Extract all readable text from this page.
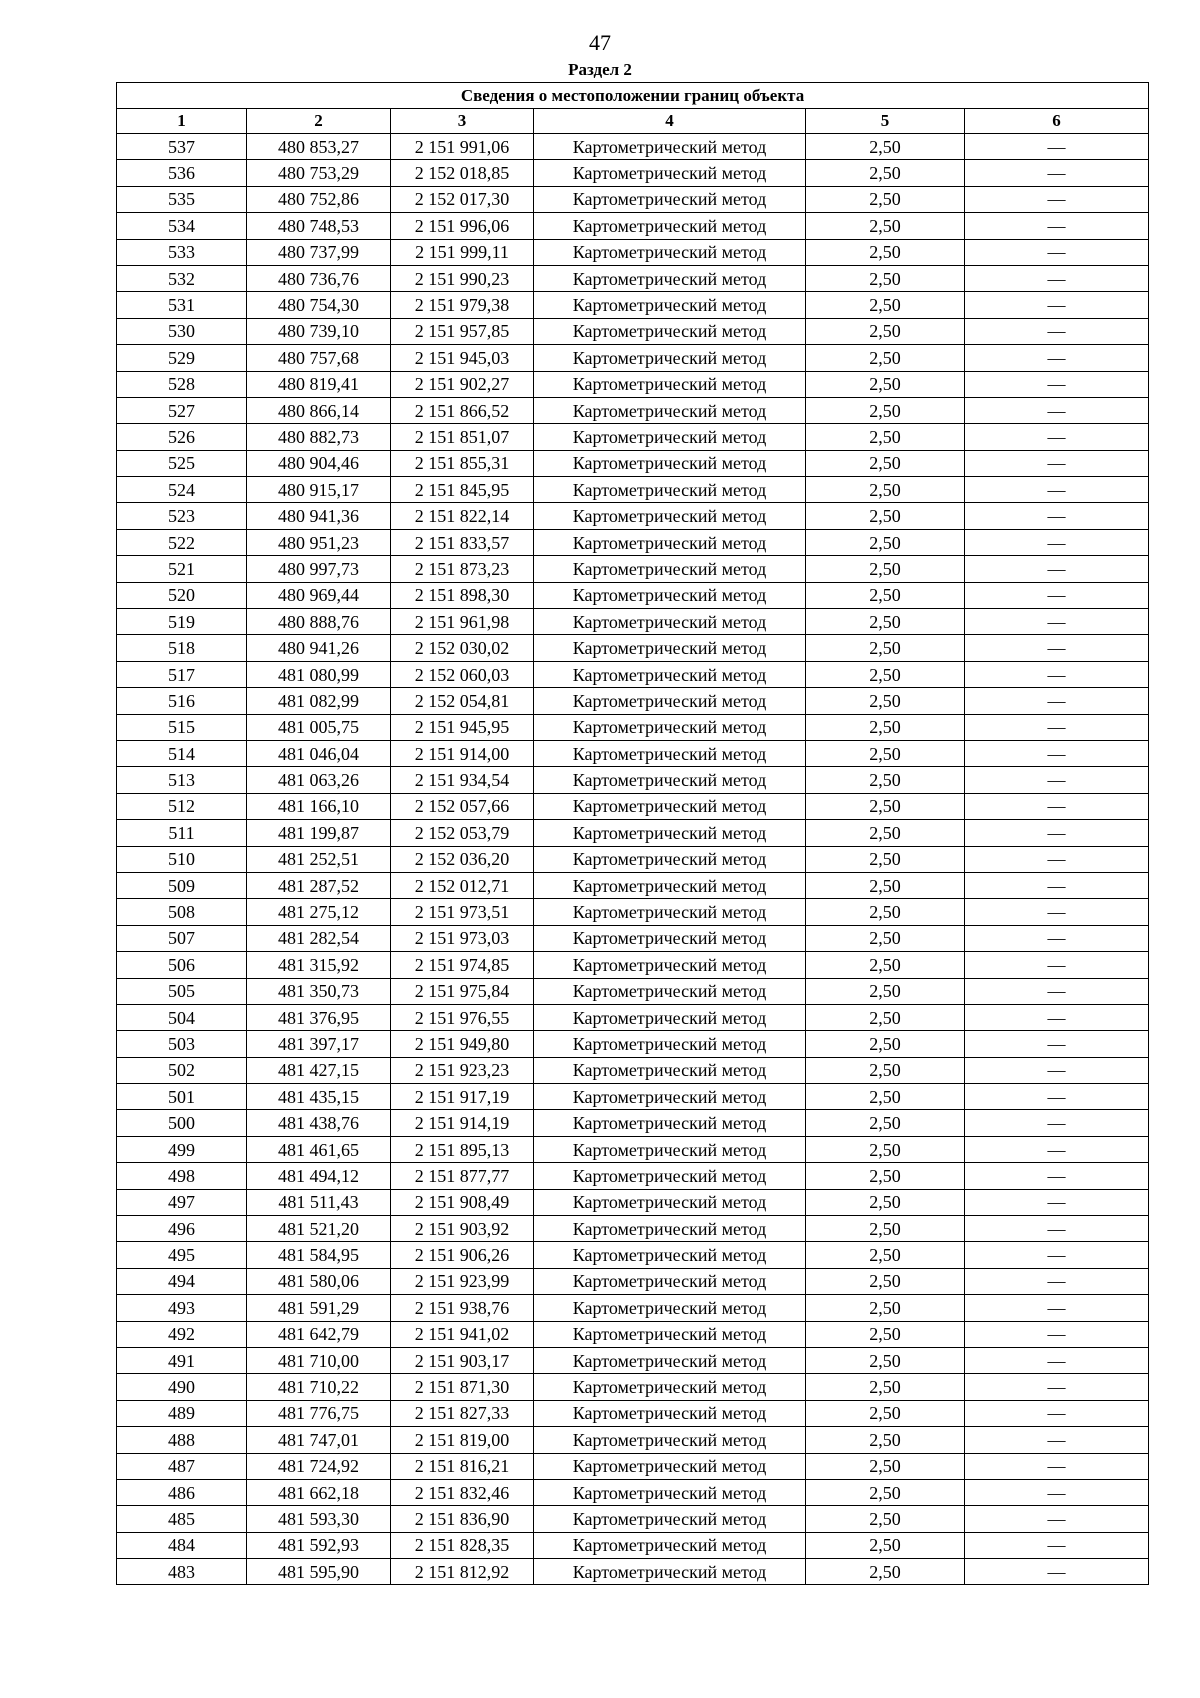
47
Раздел 2
Сведения о местоположении границ объекта					
1	2	3	4	5	6
537	480 853,27	2 151 991,06	Картометрический метод	2,50	—
536	480 753,29	2 152 018,85	Картометрический метод	2,50	—
535	480 752,86	2 152 017,30	Картометрический метод	2,50	—
534	480 748,53	2 151 996,06	Картометрический метод	2,50	—
533	480 737,99	2 151 999,11	Картометрический метод	2,50	—
532	480 736,76	2 151 990,23	Картометрический метод	2,50	—
531	480 754,30	2 151 979,38	Картометрический метод	2,50	—
530	480 739,10	2 151 957,85	Картометрический метод	2,50	—
529	480 757,68	2 151 945,03	Картометрический метод	2,50	—
528	480 819,41	2 151 902,27	Картометрический метод	2,50	—
527	480 866,14	2 151 866,52	Картометрический метод	2,50	—
526	480 882,73	2 151 851,07	Картометрический метод	2,50	—
525	480 904,46	2 151 855,31	Картометрический метод	2,50	—
524	480 915,17	2 151 845,95	Картометрический метод	2,50	—
523	480 941,36	2 151 822,14	Картометрический метод	2,50	—
522	480 951,23	2 151 833,57	Картометрический метод	2,50	—
521	480 997,73	2 151 873,23	Картометрический метод	2,50	—
520	480 969,44	2 151 898,30	Картометрический метод	2,50	—
519	480 888,76	2 151 961,98	Картометрический метод	2,50	—
518	480 941,26	2 152 030,02	Картометрический метод	2,50	—
517	481 080,99	2 152 060,03	Картометрический метод	2,50	—
516	481 082,99	2 152 054,81	Картометрический метод	2,50	—
515	481 005,75	2 151 945,95	Картометрический метод	2,50	—
514	481 046,04	2 151 914,00	Картометрический метод	2,50	—
513	481 063,26	2 151 934,54	Картометрический метод	2,50	—
512	481 166,10	2 152 057,66	Картометрический метод	2,50	—
511	481 199,87	2 152 053,79	Картометрический метод	2,50	—
510	481 252,51	2 152 036,20	Картометрический метод	2,50	—
509	481 287,52	2 152 012,71	Картометрический метод	2,50	—
508	481 275,12	2 151 973,51	Картометрический метод	2,50	—
507	481 282,54	2 151 973,03	Картометрический метод	2,50	—
506	481 315,92	2 151 974,85	Картометрический метод	2,50	—
505	481 350,73	2 151 975,84	Картометрический метод	2,50	—
504	481 376,95	2 151 976,55	Картометрический метод	2,50	—
503	481 397,17	2 151 949,80	Картометрический метод	2,50	—
502	481 427,15	2 151 923,23	Картометрический метод	2,50	—
501	481 435,15	2 151 917,19	Картометрический метод	2,50	—
500	481 438,76	2 151 914,19	Картометрический метод	2,50	—
499	481 461,65	2 151 895,13	Картометрический метод	2,50	—
498	481 494,12	2 151 877,77	Картометрический метод	2,50	—
497	481 511,43	2 151 908,49	Картометрический метод	2,50	—
496	481 521,20	2 151 903,92	Картометрический метод	2,50	—
495	481 584,95	2 151 906,26	Картометрический метод	2,50	—
494	481 580,06	2 151 923,99	Картометрический метод	2,50	—
493	481 591,29	2 151 938,76	Картометрический метод	2,50	—
492	481 642,79	2 151 941,02	Картометрический метод	2,50	—
491	481 710,00	2 151 903,17	Картометрический метод	2,50	—
490	481 710,22	2 151 871,30	Картометрический метод	2,50	—
489	481 776,75	2 151 827,33	Картометрический метод	2,50	—
488	481 747,01	2 151 819,00	Картометрический метод	2,50	—
487	481 724,92	2 151 816,21	Картометрический метод	2,50	—
486	481 662,18	2 151 832,46	Картометрический метод	2,50	—
485	481 593,30	2 151 836,90	Картометрический метод	2,50	—
484	481 592,93	2 151 828,35	Картометрический метод	2,50	—
483	481 595,90	2 151 812,92	Картометрический метод	2,50	—
